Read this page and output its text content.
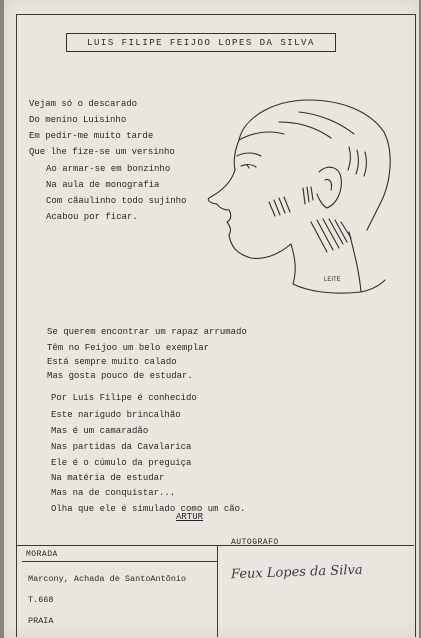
LUIS FILIPE FEIJOO LOPES DA SILVA
Vejam só o descarado
Do menino Luisinho
Em pedir-me muito tarde
Que lhe fize-se um versinho
Ao armar-se em bonzinho
Na aula de monografia
Com cãaulinho todo sujinho
Acabou por ficar.
LEITE
Se querem encontrar um rapaz arrumado
Têm no Feijoo um belo exemplar
Está sempre muito calado
Mas gosta pouco de estudar.
Por Luis Filipe é conhecido
Este narigudo brincalhão
Mas é um camaradão
Nas partidas da Cavalarica
Ele é o cúmulo da preguiça
Na matéria de estudar
Mas na de conquistar...
Olha que ele é simulado como um cão.
ARTUR
MORADA
AUTOGRAFO
Marcony, Achada de SantoAntônio
T.668
PRAIA
Feux Lopes da Silva
